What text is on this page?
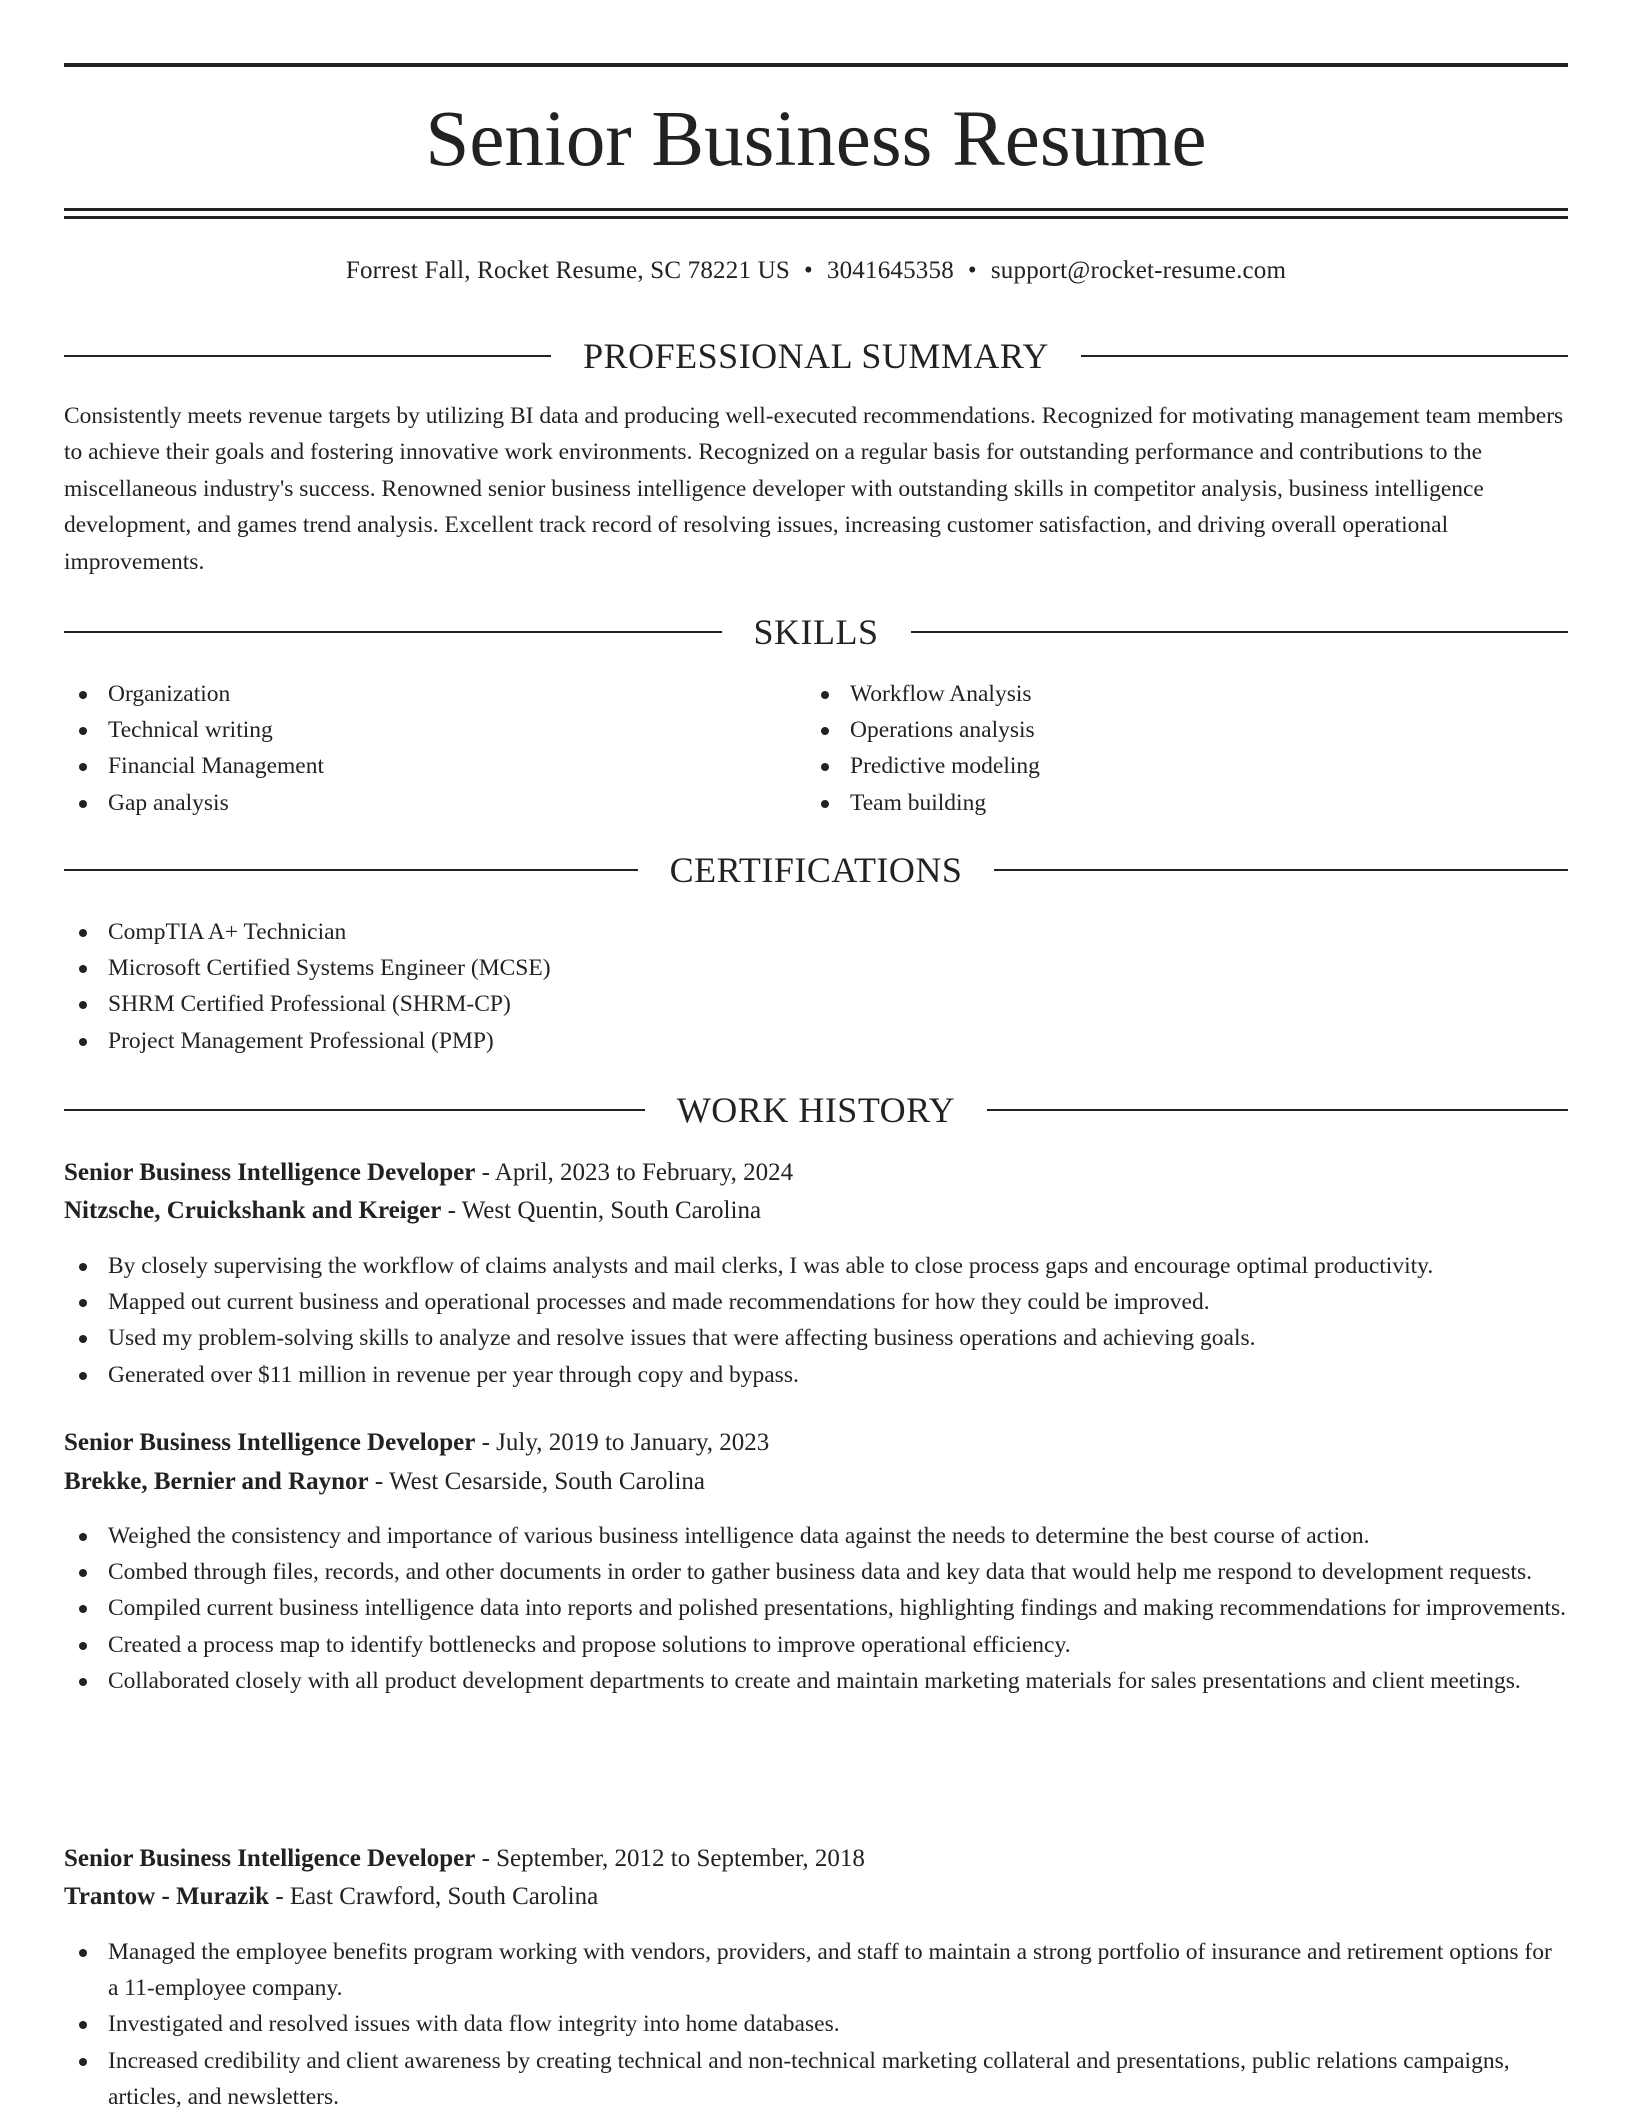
Senior Business Resume
Forrest Fall, Rocket Resume, SC 78221 US • 3041645358 • support@rocket-resume.com
PROFESSIONAL SUMMARY

Consistently meets revenue targets by utilizing BI data and producing well-executed recommendations. Recognized for motivating management team members to achieve their goals and fostering innovative work environments. Recognized on a regular basis for outstanding performance and contributions to the miscellaneous industry's success. Renowned senior business intelligence developer with outstanding skills in competitor analysis, business intelligence development, and games trend analysis. Excellent track record of resolving issues, increasing customer satisfaction, and driving overall operational improvements.

SKILLS
Organization
Technical writing
Financial Management
Gap analysis
Workflow Analysis
Operations analysis
Predictive modeling
Team building
CERTIFICATIONS
CompTIA A+ Technician
Microsoft Certified Systems Engineer (MCSE)
SHRM Certified Professional (SHRM-CP)
Project Management Professional (PMP)
WORK HISTORY
Senior Business Intelligence Developer - April, 2023 to February, 2024
Nitzsche, Cruickshank and Kreiger - West Quentin, South Carolina
By closely supervising the workflow of claims analysts and mail clerks, I was able to close process gaps and encourage optimal productivity.
Mapped out current business and operational processes and made recommendations for how they could be improved.
Used my problem-solving skills to analyze and resolve issues that were affecting business operations and achieving goals.
Generated over $11 million in revenue per year through copy and bypass.
Senior Business Intelligence Developer - July, 2019 to January, 2023
Brekke, Bernier and Raynor - West Cesarside, South Carolina
Weighed the consistency and importance of various business intelligence data against the needs to determine the best course of action.
Combed through files, records, and other documents in order to gather business data and key data that would help me respond to development requests.
Compiled current business intelligence data into reports and polished presentations, highlighting findings and making recommendations for improvements.
Created a process map to identify bottlenecks and propose solutions to improve operational efficiency.
Collaborated closely with all product development departments to create and maintain marketing materials for sales presentations and client meetings.
Senior Business Intelligence Developer - September, 2012 to September, 2018
Trantow - Murazik - East Crawford, South Carolina
Managed the employee benefits program working with vendors, providers, and staff to maintain a strong portfolio of insurance and retirement options for a 11-employee company.
Investigated and resolved issues with data flow integrity into home databases.
Increased credibility and client awareness by creating technical and non-technical marketing collateral and presentations, public relations campaigns, articles, and newsletters.
